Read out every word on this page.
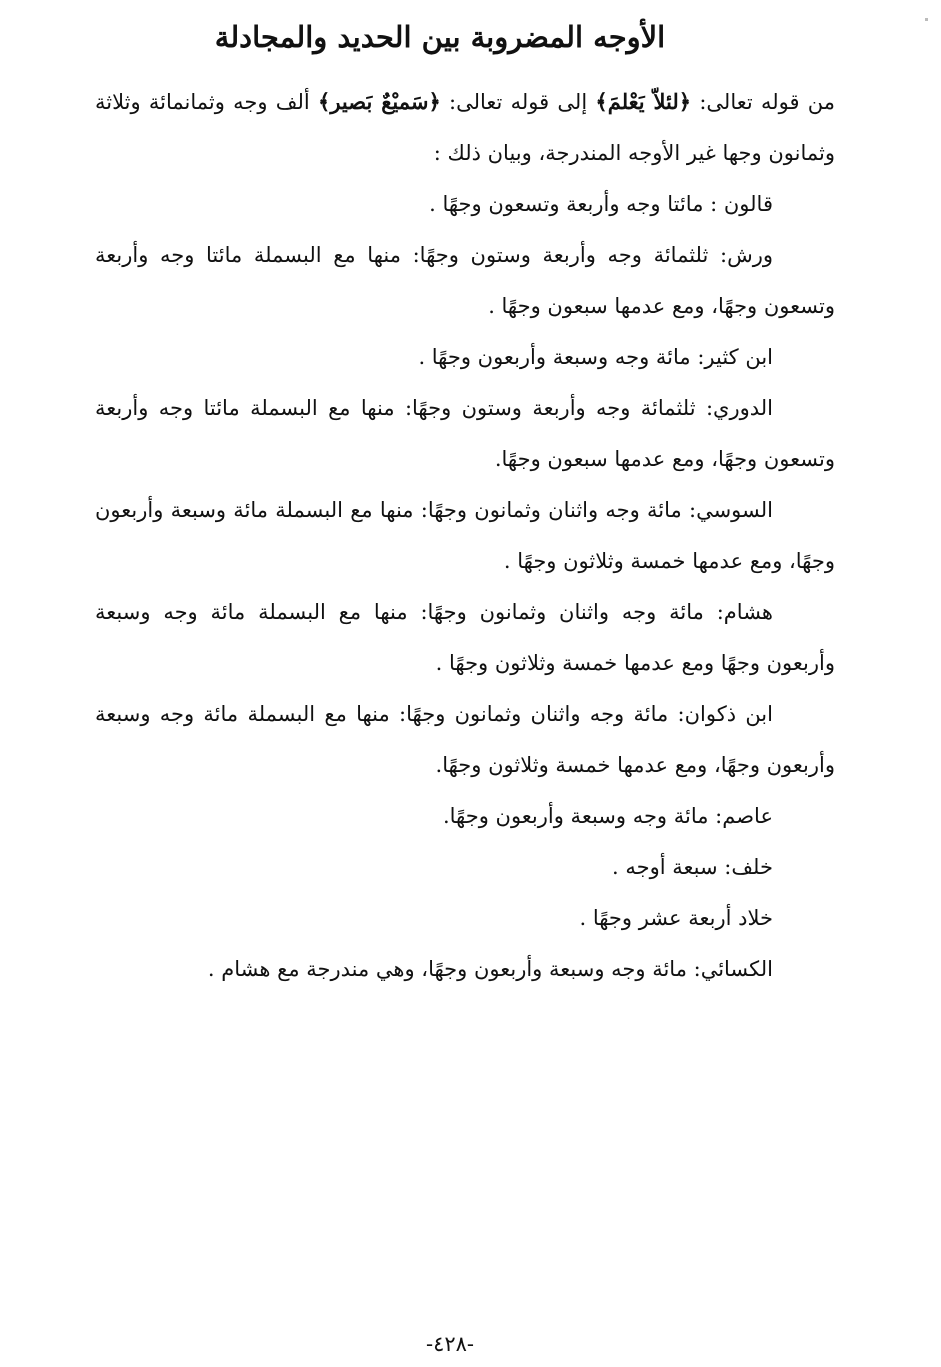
الأوجه المضروبة بين الحديد والمجادلة

من قوله تعالى: ﴿لئلاّ يَعْلمَ﴾ إلى قوله تعالى: ﴿سَميْعٌ بَصير﴾ ألف وجه وثمانمائة وثلاثة وثمانون وجها غير الأوجه المندرجة، وبيان ذلك :

قالون : مائتا وجه وأربعة وتسعون وجهًا .

ورش: ثلثمائة وجه وأربعة وستون وجهًا: منها مع البسملة مائتا وجه وأربعة وتسعون وجهًا، ومع عدمها سبعون وجهًا .

ابن كثير: مائة وجه وسبعة وأربعون وجهًا .

الدوري: ثلثمائة وجه وأربعة وستون وجهًا: منها مع البسملة مائتا وجه وأربعة وتسعون وجهًا، ومع عدمها سبعون وجهًا.

السوسي: مائة وجه واثنان وثمانون وجهًا: منها مع البسملة مائة وسبعة وأربعون وجهًا، ومع عدمها خمسة وثلاثون وجهًا .

هشام: مائة وجه واثنان وثمانون وجهًا: منها مع البسملة مائة وجه وسبعة وأربعون وجهًا ومع عدمها خمسة وثلاثون وجهًا .

ابن ذكوان: مائة وجه واثنان وثمانون وجهًا: منها مع البسملة مائة وجه وسبعة وأربعون وجهًا، ومع عدمها خمسة وثلاثون وجهًا.

عاصم: مائة وجه وسبعة وأربعون وجهًا.

خلف: سبعة أوجه .

خلاد أربعة عشر وجهًا .

الكسائي: مائة وجه وسبعة وأربعون وجهًا، وهي مندرجة مع هشام .

-٤٢٨-
